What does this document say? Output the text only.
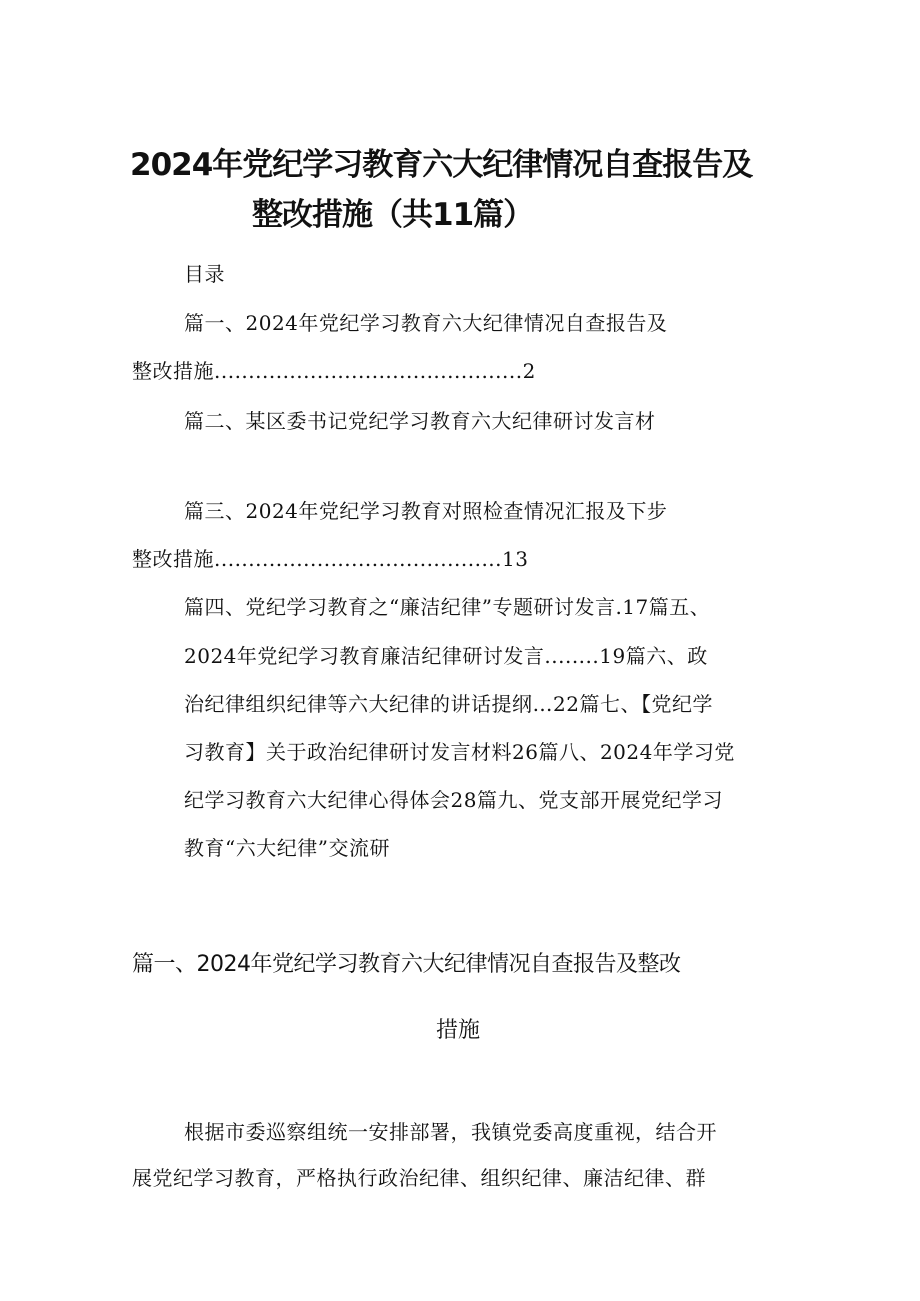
2024年党纪学习教育六大纪律情况自查报告及
整改措施（共11篇）
目录
篇一、2024年党纪学习教育六大纪律情况自查报告及
整改措施.............................................2
篇二、某区委书记党纪学习教育六大纪律研讨发言材
篇三、2024年党纪学习教育对照检查情况汇报及下步
整改措施..........................................13
篇四、党纪学习教育之“廉洁纪律”专题研讨发言.17篇五、
2024年党纪学习教育廉洁纪律研讨发言........19篇六、政
治纪律组织纪律等六大纪律的讲话提纲…22篇七、【党纪学
习教育】关于政治纪律研讨发言材料26篇八、2024年学习党
纪学习教育六大纪律心得体会28篇九、党支部开展党纪学习
教育“六大纪律”交流研
篇一、2024年党纪学习教育六大纪律情况自查报告及整改
措施
根据市委巡察组统一安排部署，我镇党委高度重视，结合开
展党纪学习教育，严格执行政治纪律、组织纪律、廉洁纪律、群
